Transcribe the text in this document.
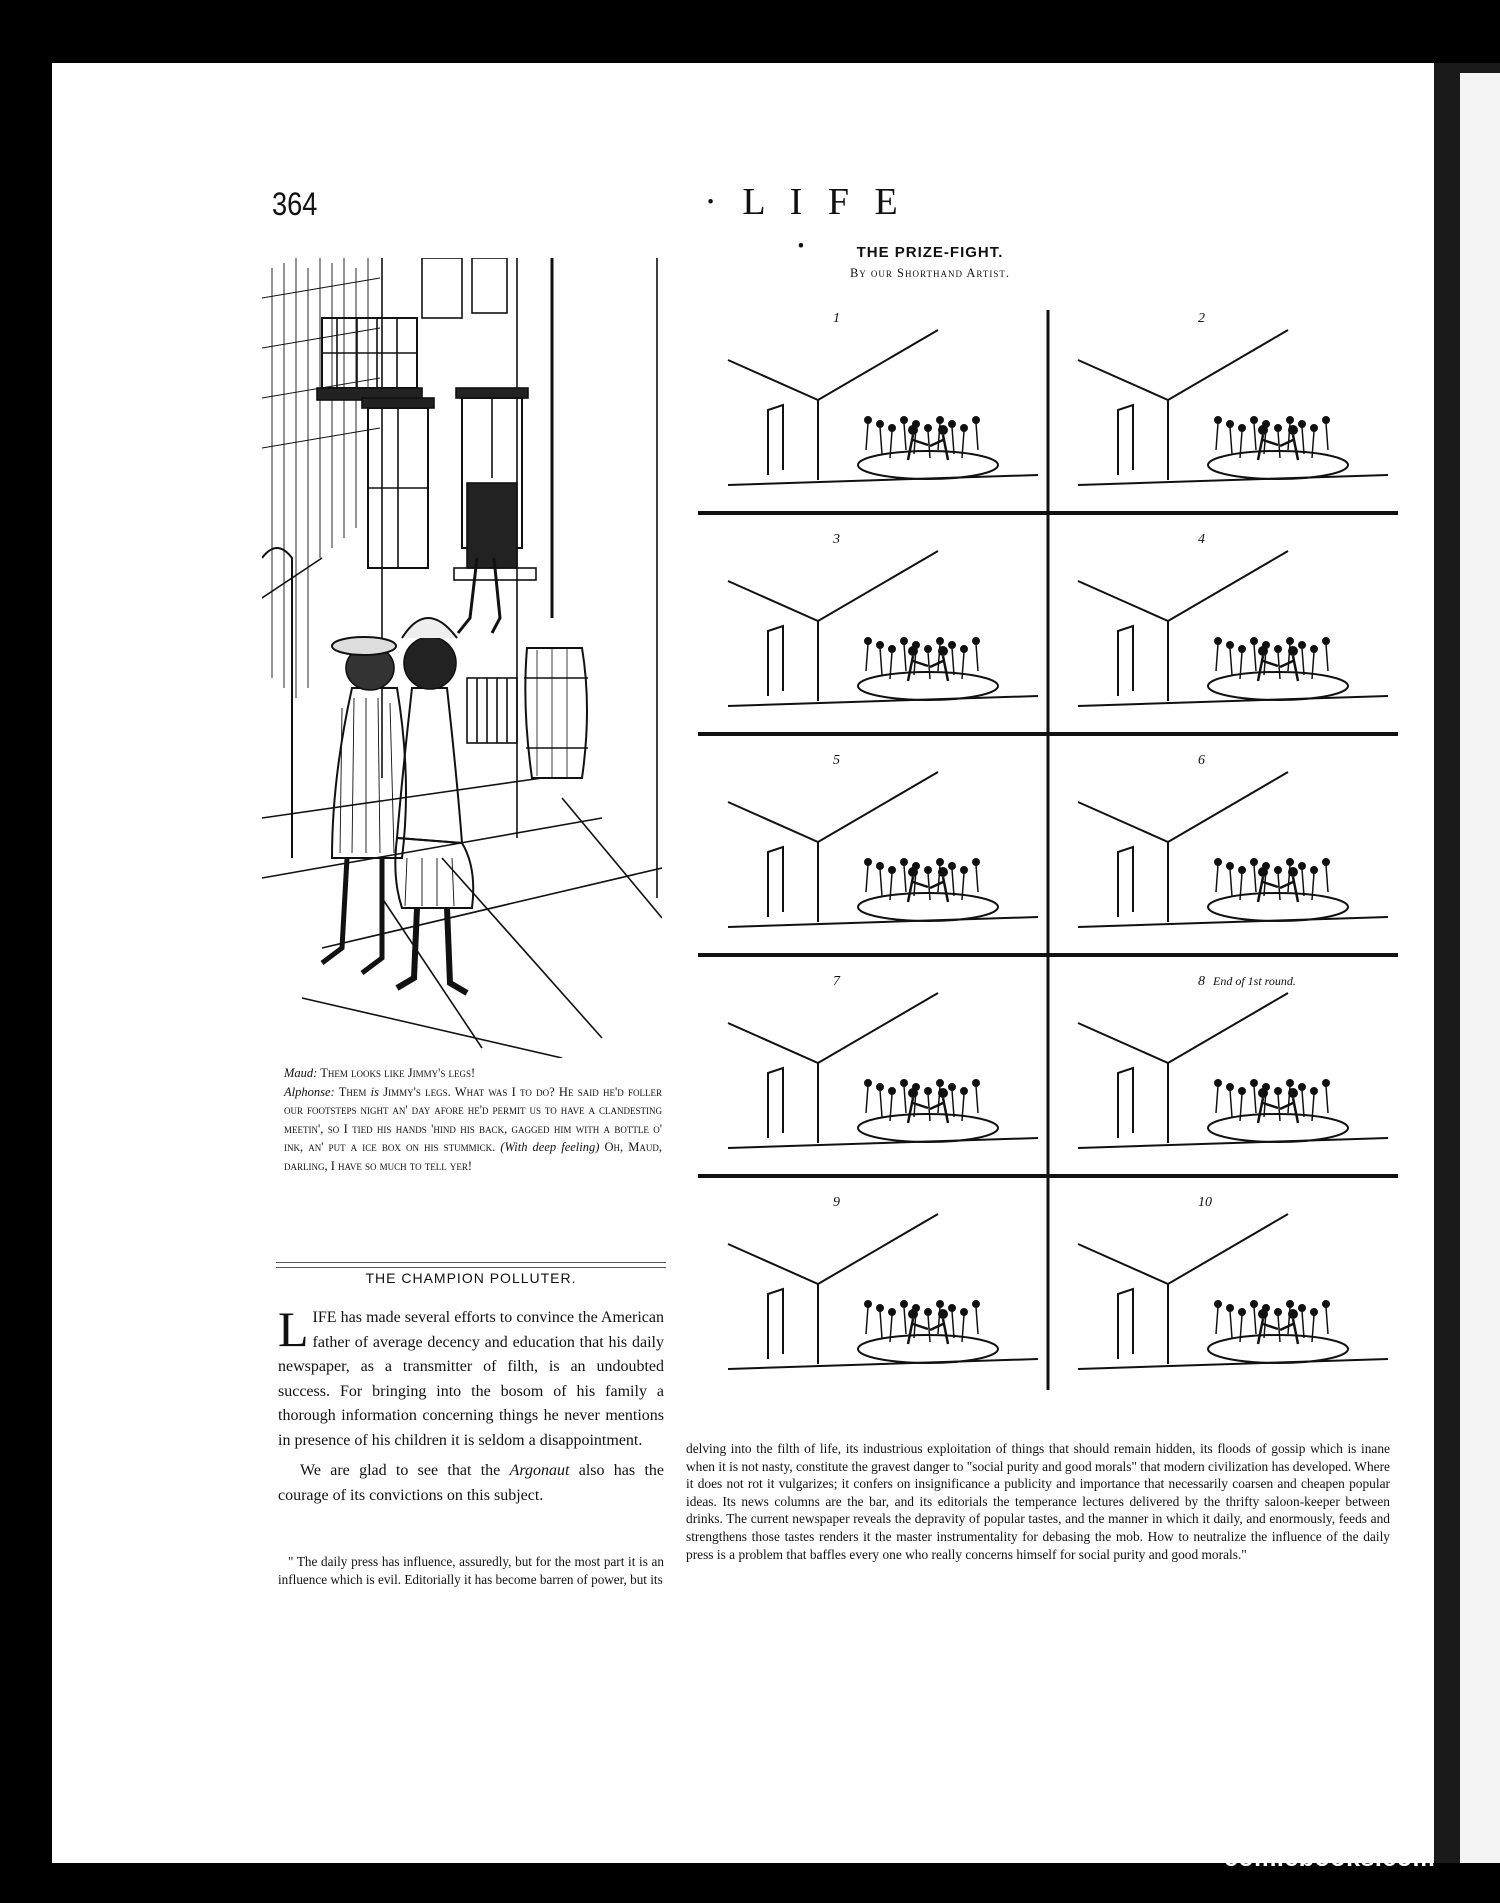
364	· L I F E ·
Maud: Them looks like Jimmy's legs!
Alphonse: Them is Jimmy's legs. What was I to do? He said he'd foller our footsteps night an' day afore he'd permit us to have a clandesting meetin', so I tied his hands 'hind his back, gagged him with a bottle o' ink, an' put a ice box on his stummick. (With deep feeling) Oh, Maud, darling, I have so much to tell yer!
THE CHAMPION POLLUTER.

LIFE has made several efforts to convince the American father of average decency and education that his daily newspaper, as a transmitter of filth, is an undoubted success. For bringing into the bosom of his family a thorough information concerning things he never mentions in presence of his children it is seldom a disappointment.

We are glad to see that the Argonaut also has the courage of its convictions on this subject.

" The daily press has influence, assuredly, but for the most part it is an influence which is evil. Editorially it has become barren of power, but its

THE PRIZE-FIGHT.
By our Shorthand Artist.
1	2
3	4
5	6
7	8 End of 1st round.
9	10
delving into the filth of life, its industrious exploitation of things that should remain hidden, its floods of gossip which is inane when it is not nasty, constitute the gravest danger to "social purity and good morals" that modern civilization has developed. Where it does not rot it vulgarizes; it confers on insignificance a publicity and importance that necessarily coarsen and cheapen popular ideas. Its news columns are the bar, and its editorials the temperance lectures delivered by the thrifty saloon-keeper between drinks. The current newspaper reveals the depravity of popular tastes, and the manner in which it daily, and enormously, feeds and strengthens those tastes renders it the master instrumentality for debasing the mob. How to neutralize the influence of the daily press is a problem that baffles every one who really concerns himself for social purity and good morals."
comicbooks.com
